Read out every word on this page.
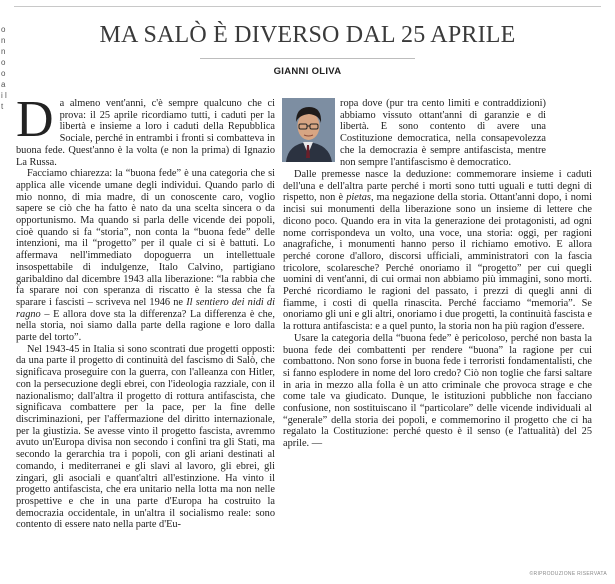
o n n o o a i l t
MA SALÒ È DIVERSO DAL 25 APRILE
GIANNI OLIVA

Da almeno vent'anni, c'è sempre qualcuno che ci prova: il 25 aprile ricordiamo tutti, i caduti per la libertà e insieme a loro i caduti della Repubblica Sociale, perché in entrambi i fronti si combatteva in buona fede. Quest'anno è la volta (e non la prima) di Ignazio La Russa.

Facciamo chiarezza: la “buona fede” è una categoria che si applica alle vicende umane degli individui. Quando parlo di mio nonno, di mia madre, di un conoscente caro, voglio sapere se ciò che ha fatto è nato da una scelta sincera o da opportunismo. Ma quando si parla delle vicende dei popoli, cioè quando si fa “storia”, non conta la “buona fede” delle intenzioni, ma il “progetto” per il quale ci si è battuti. Lo affermava nell'immediato dopoguerra un intellettuale insospettabile di indulgenze, Italo Calvino, partigiano garibaldino dal dicembre 1943 alla liberazione: “la rabbia che fa sparare noi con speranza di riscatto è la stessa che fa sparare i fascisti – scriveva nel 1946 ne Il sentiero dei nidi di ragno – E allora dove sta la differenza? La differenza è che, nella storia, noi siamo dalla parte della ragione e loro dalla parte del torto”.

Nel 1943-45 in Italia si sono scontrati due progetti opposti: da una parte il progetto di continuità del fascismo di Salò, che significava proseguire con la guerra, con l'alleanza con Hitler, con la persecuzione degli ebrei, con l'ideologia razziale, con il nazionalismo; dall'altra il progetto di rottura antifascista, che significava combattere per la pace, per la fine delle discriminazioni, per l'affermazione del diritto internazionale, per la giustizia. Se avesse vinto il progetto fascista, avremmo avuto un'Europa divisa non secondo i confini tra gli Stati, ma secondo la gerarchia tra i popoli, con gli ariani destinati al comando, i mediterranei e gli slavi al lavoro, gli ebrei, gli zingari, gli asociali e quant'altri all'estinzione. Ha vinto il progetto antifascista, che era unitario nella lotta ma non nelle prospettive e che in una parte d'Europa ha costruito la democrazia occidentale, in un'altra il socialismo reale: sono contento di essere nato nella parte d'Eu-

ropa dove (pur tra cento limiti e contraddizioni) abbiamo vissuto ottant'anni di garanzie e di libertà. E sono contento di avere una Costituzione democratica, nella consapevolezza che la democrazia è sempre antifascista, mentre non sempre l'antifascismo è democratico.

Dalle premesse nasce la deduzione: commemorare insieme i caduti dell'una e dell'altra parte perché i morti sono tutti uguali e tutti degni di rispetto, non è pietas, ma negazione della storia. Ottant'anni dopo, i nomi incisi sui monumenti della liberazione sono un insieme di lettere che dicono poco. Quando era in vita la generazione dei protagonisti, ad ogni nome corrispondeva un volto, una voce, una storia: oggi, per ragioni anagrafiche, i monumenti hanno perso il richiamo emotivo. E allora perché corone d'alloro, discorsi ufficiali, amministratori con la fascia tricolore, scolaresche? Perché onoriamo il “progetto” per cui quegli uomini di vent'anni, di cui ormai non abbiamo più immagini, sono morti. Perché ricordiamo le ragioni del passato, i prezzi di quegli anni di fiamme, i costi di quella rinascita. Perché facciamo “memoria”. Se onoriamo gli uni e gli altri, onoriamo i due progetti, la continuità fascista e la rottura antifascista: e a quel punto, la storia non ha più ragion d'essere.

Usare la categoria della “buona fede” è pericoloso, perché non basta la buona fede dei combattenti per rendere “buona” la ragione per cui combattono. Non sono forse in buona fede i terroristi fondamentalisti, che si fanno esplodere in nome del loro credo? Ciò non toglie che farsi saltare in aria in mezzo alla folla è un atto criminale che provoca strage e che come tale va giudicato. Dunque, le istituzioni pubbliche non facciano confusione, non sostituiscano il “particolare” delle vicende individuali al “generale” della storia dei popoli, e commemorino il progetto che ci ha regalato la Costituzione: perché questo è il senso (e l'attualità) del 25 aprile. —

©RIPRODUZIONE RISERVATA
